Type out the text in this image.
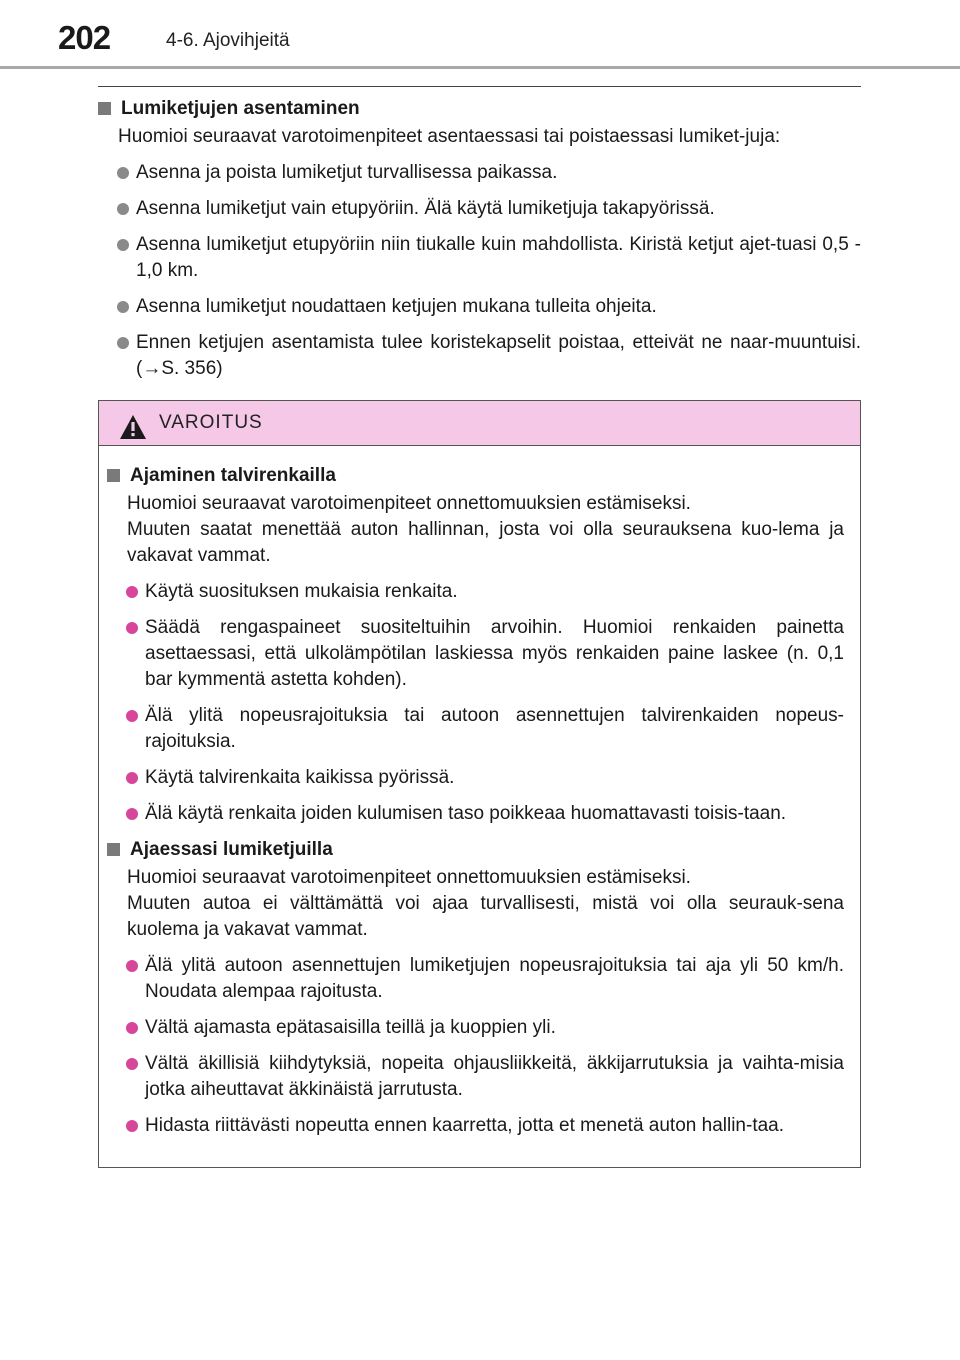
202	4-6. Ajovihjeitä
Lumiketjujen asentaminen
Huomioi seuraavat varotoimenpiteet asentaessasi tai poistaessasi lumiket-juja:
Asenna ja poista lumiketjut turvallisessa paikassa.
Asenna lumiketjut vain etupyöriin. Älä käytä lumiketjuja takapyörissä.
Asenna lumiketjut etupyöriin niin tiukalle kuin mahdollista. Kiristä ketjut ajet-tuasi 0,5 - 1,0 km.
Asenna lumiketjut noudattaen ketjujen mukana tulleita ohjeita.
Ennen ketjujen asentamista tulee koristekapselit poistaa, etteivät ne naar-muuntuisi. (→S. 356)
VAROITUS
Ajaminen talvirenkailla
Huomioi seuraavat varotoimenpiteet onnettomuuksien estämiseksi.
Muuten saatat menettää auton hallinnan, josta voi olla seurauksena kuo-lema ja vakavat vammat.
Käytä suosituksen mukaisia renkaita.
Säädä rengaspaineet suositeltuihin arvoihin. Huomioi renkaiden painetta asettaessasi, että ulkolämpötilan laskiessa myös renkaiden paine laskee (n. 0,1 bar kymmentä astetta kohden).
Älä ylitä nopeusrajoituksia tai autoon asennettujen talvirenkaiden nopeus-rajoituksia.
Käytä talvirenkaita kaikissa pyörissä.
Älä käytä renkaita joiden kulumisen taso poikkeaa huomattavasti toisis-taan.
Ajaessasi lumiketjuilla
Huomioi seuraavat varotoimenpiteet onnettomuuksien estämiseksi.
Muuten autoa ei välttämättä voi ajaa turvallisesti, mistä voi olla seurauk-sena kuolema ja vakavat vammat.
Älä ylitä autoon asennettujen lumiketjujen nopeusrajoituksia tai aja yli 50 km/h. Noudata alempaa rajoitusta.
Vältä ajamasta epätasaisilla teillä ja kuoppien yli.
Vältä äkillisiä kiihdytyksiä, nopeita ohjausliikkeitä, äkkijarrutuksia ja vaihta-misia jotka aiheuttavat äkkinäistä jarrutusta.
Hidasta riittävästi nopeutta ennen kaarretta, jotta et menetä auton hallin-taa.
